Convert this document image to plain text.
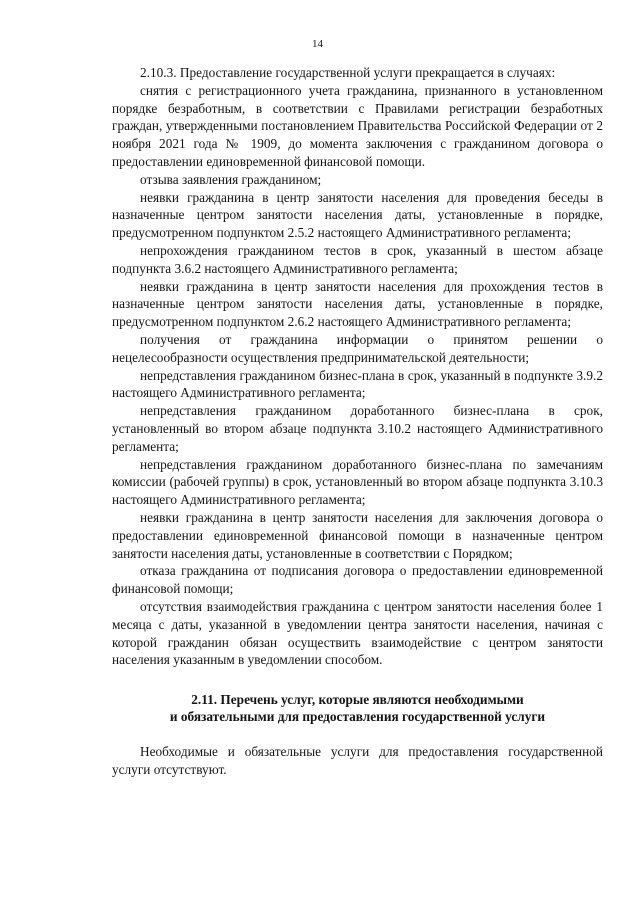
14

2.10.3. Предоставление государственной услуги прекращается в случаях:

снятия с регистрационного учета гражданина, признанного в установленном порядке безработным, в соответствии с Правилами регистрации безработных граждан, утвержденными постановлением Правительства Российской Федерации от 2 ноября 2021 года № 1909, до момента заключения с гражданином договора о предоставлении единовременной финансовой помощи.

отзыва заявления гражданином;

неявки гражданина в центр занятости населения для проведения беседы в назначенные центром занятости населения даты, установленные в порядке, предусмотренном подпунктом 2.5.2 настоящего Административного регламента;

непрохождения гражданином тестов в срок, указанный в шестом абзаце подпункта 3.6.2 настоящего Административного регламента;

неявки гражданина в центр занятости населения для прохождения тестов в назначенные центром занятости населения даты, установленные в порядке, предусмотренном подпунктом 2.6.2 настоящего Административного регламента;

получения от гражданина информации о принятом решении о нецелесообразности осуществления предпринимательской деятельности;

непредставления гражданином бизнес-плана в срок, указанный в подпункте 3.9.2 настоящего Административного регламента;

непредставления гражданином доработанного бизнес-плана в срок, установленный во втором абзаце подпункта 3.10.2 настоящего Административного регламента;

непредставления гражданином доработанного бизнес-плана по замечаниям комиссии (рабочей группы) в срок, установленный во втором абзаце подпункта 3.10.3 настоящего Административного регламента;

неявки гражданина в центр занятости населения для заключения договора о предоставлении единовременной финансовой помощи в назначенные центром занятости населения даты, установленные в соответствии с Порядком;

отказа гражданина от подписания договора о предоставлении единовременной финансовой помощи;

отсутствия взаимодействия гражданина с центром занятости населения более 1 месяца с даты, указанной в уведомлении центра занятости населения, начиная с которой гражданин обязан осуществить взаимодействие с центром занятости населения указанным в уведомлении способом.

2.11. Перечень услуг, которые являются необходимыми
и обязательными для предоставления государственной услуги

Необходимые и обязательные услуги для предоставления государственной услуги отсутствуют.
